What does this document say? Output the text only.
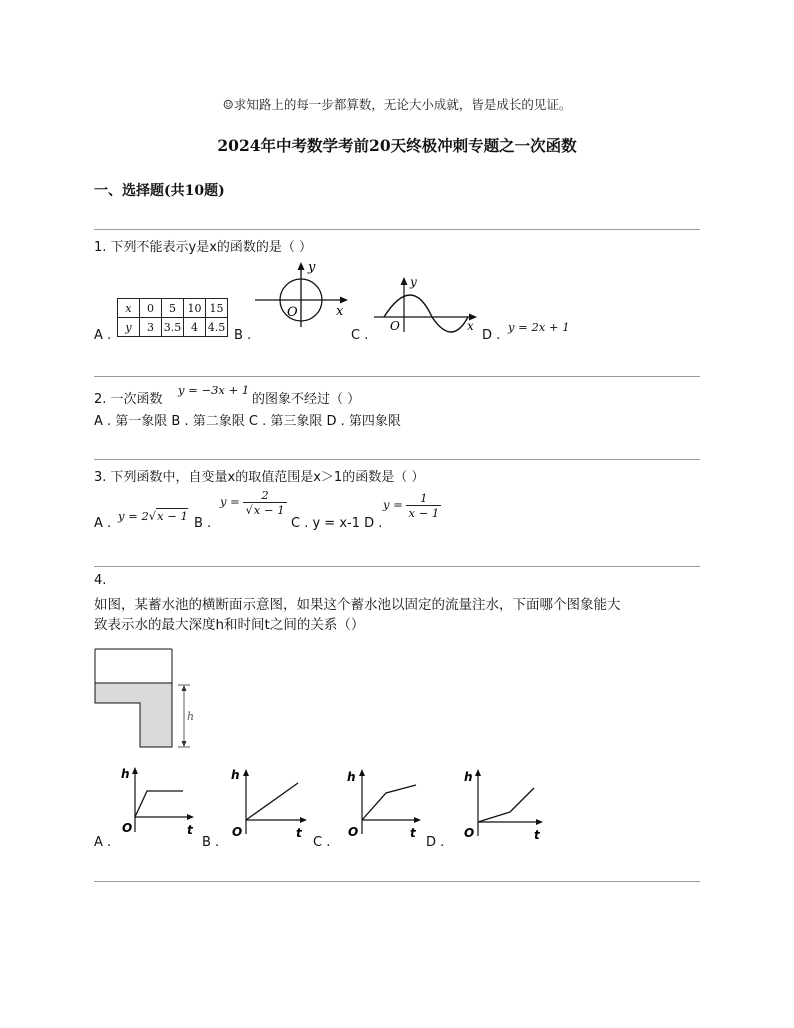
☺求知路上的每一步都算数，无论大小成就，皆是成长的见证。
2024年中考数学考前20天终极冲刺专题之一次函数
一、选择题(共10题)
1. 下列不能表示y是x的函数的是（ ）
x	0	5	10	15
y	3	3.5	4	4.5
A .	B .
y
x
O
C .
y
x
O
D .
y = 2x + 1
2. 一次函数
y = −3x + 1
的图象不经过（ ）
A . 第一象限 B . 第二象限 C . 第三象限 D . 第四象限
3. 下列函数中，自变量x的取值范围是x＞1的函数是（ ）
A . y = 2√x − 1 B .
$y = \frac{2}{√x - 1}$
C . y = x-1 D .
$y = \frac{1}{x - 1}$
4.
如图，某蓄水池的横断面示意图，如果这个蓄水池以固定的流量注水，下面哪个图象能大
致表示水的最大深度h和时间t之间的关系（）
h
A .
h
t
O
B .
h
t
O
C .
h
t
O
D .
h
t
O
